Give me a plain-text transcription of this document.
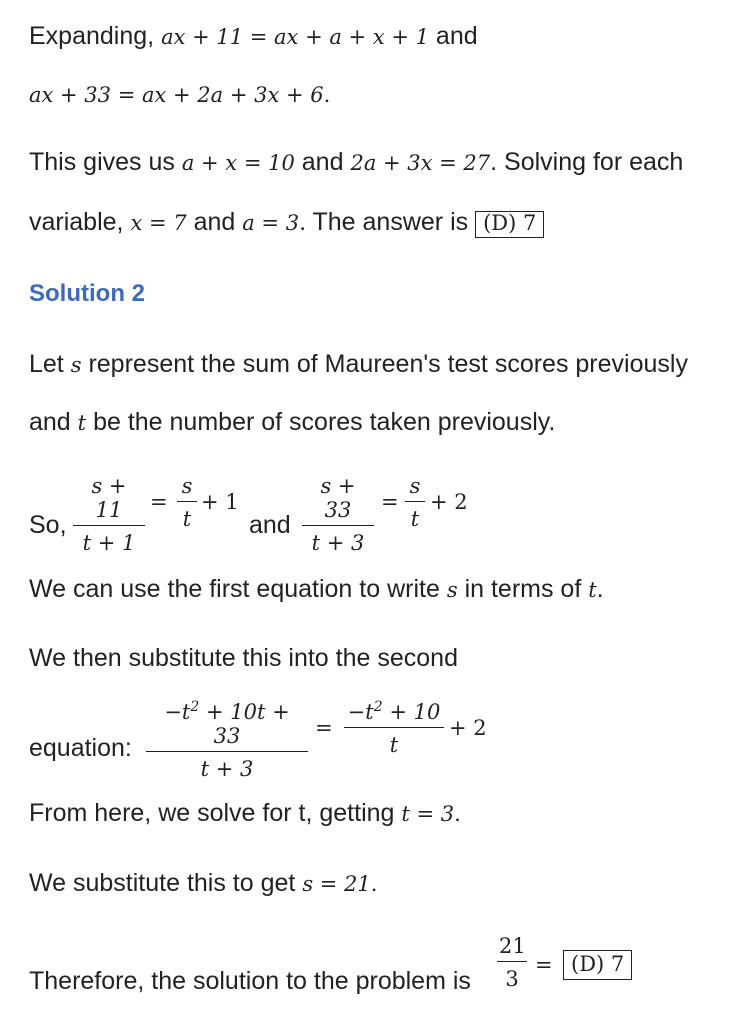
Expanding, ax + 11 = ax + a + x + 1 and
ax + 33 = ax + 2a + 3x + 6.
This gives us a + x = 10 and 2a + 3x = 27. Solving for each
variable, x = 7 and a = 3. The answer is (D) 7
Solution 2
Let s represent the sum of Maureen's test scores previously
and t be the number of scores taken previously.
So,
s + 11
t + 1
=
s
t
+ 1
and
s + 33
t + 3
=
s
t
+ 2
We can use the first equation to write s in terms of t.
We then substitute this into the second
equation:
$-t^2 + 10t + 33$
t + 3
=
$-t^2 + 10$
t
+ 2
From here, we solve for t, getting t = 3.
We substitute this to get s = 21.
Therefore, the solution to the problem is
21
3
= (D) 7
